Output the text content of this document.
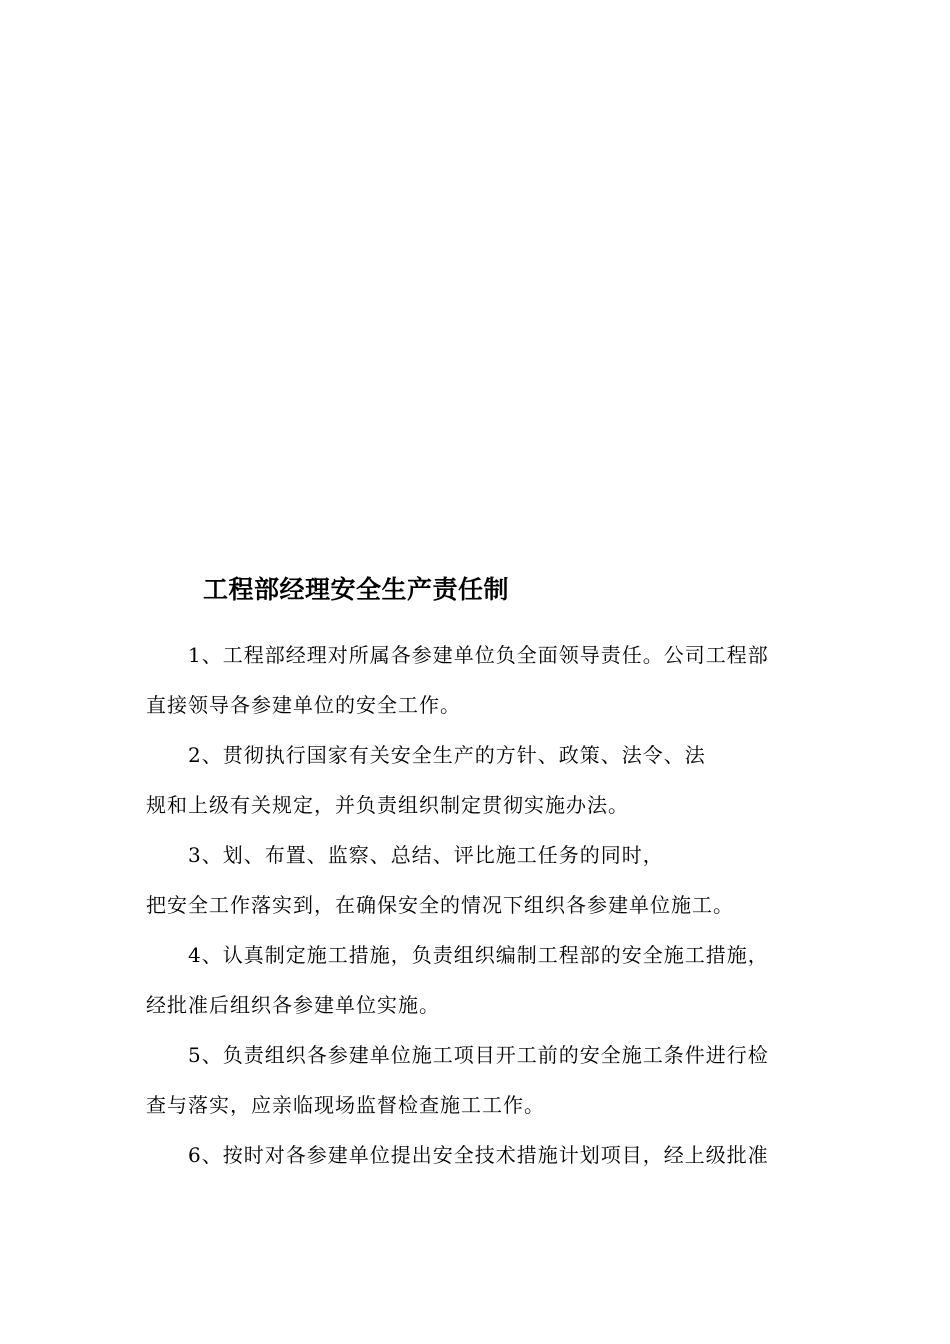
工程部经理安全生产责任制
1、工程部经理对所属各参建单位负全面领导责任。公司工程部
直接领导各参建单位的安全工作。
2、贯彻执行国家有关安全生产的方针、政策、法令、法
规和上级有关规定，并负责组织制定贯彻实施办法。
3、划、布置、监察、总结、评比施工任务的同时，
把安全工作落实到，在确保安全的情况下组织各参建单位施工。
4、认真制定施工措施，负责组织编制工程部的安全施工措施，
经批准后组织各参建单位实施。
5、负责组织各参建单位施工项目开工前的安全施工条件进行检
查与落实，应亲临现场监督检查施工工作。
6、按时对各参建单位提出安全技术措施计划项目，经上级批准
